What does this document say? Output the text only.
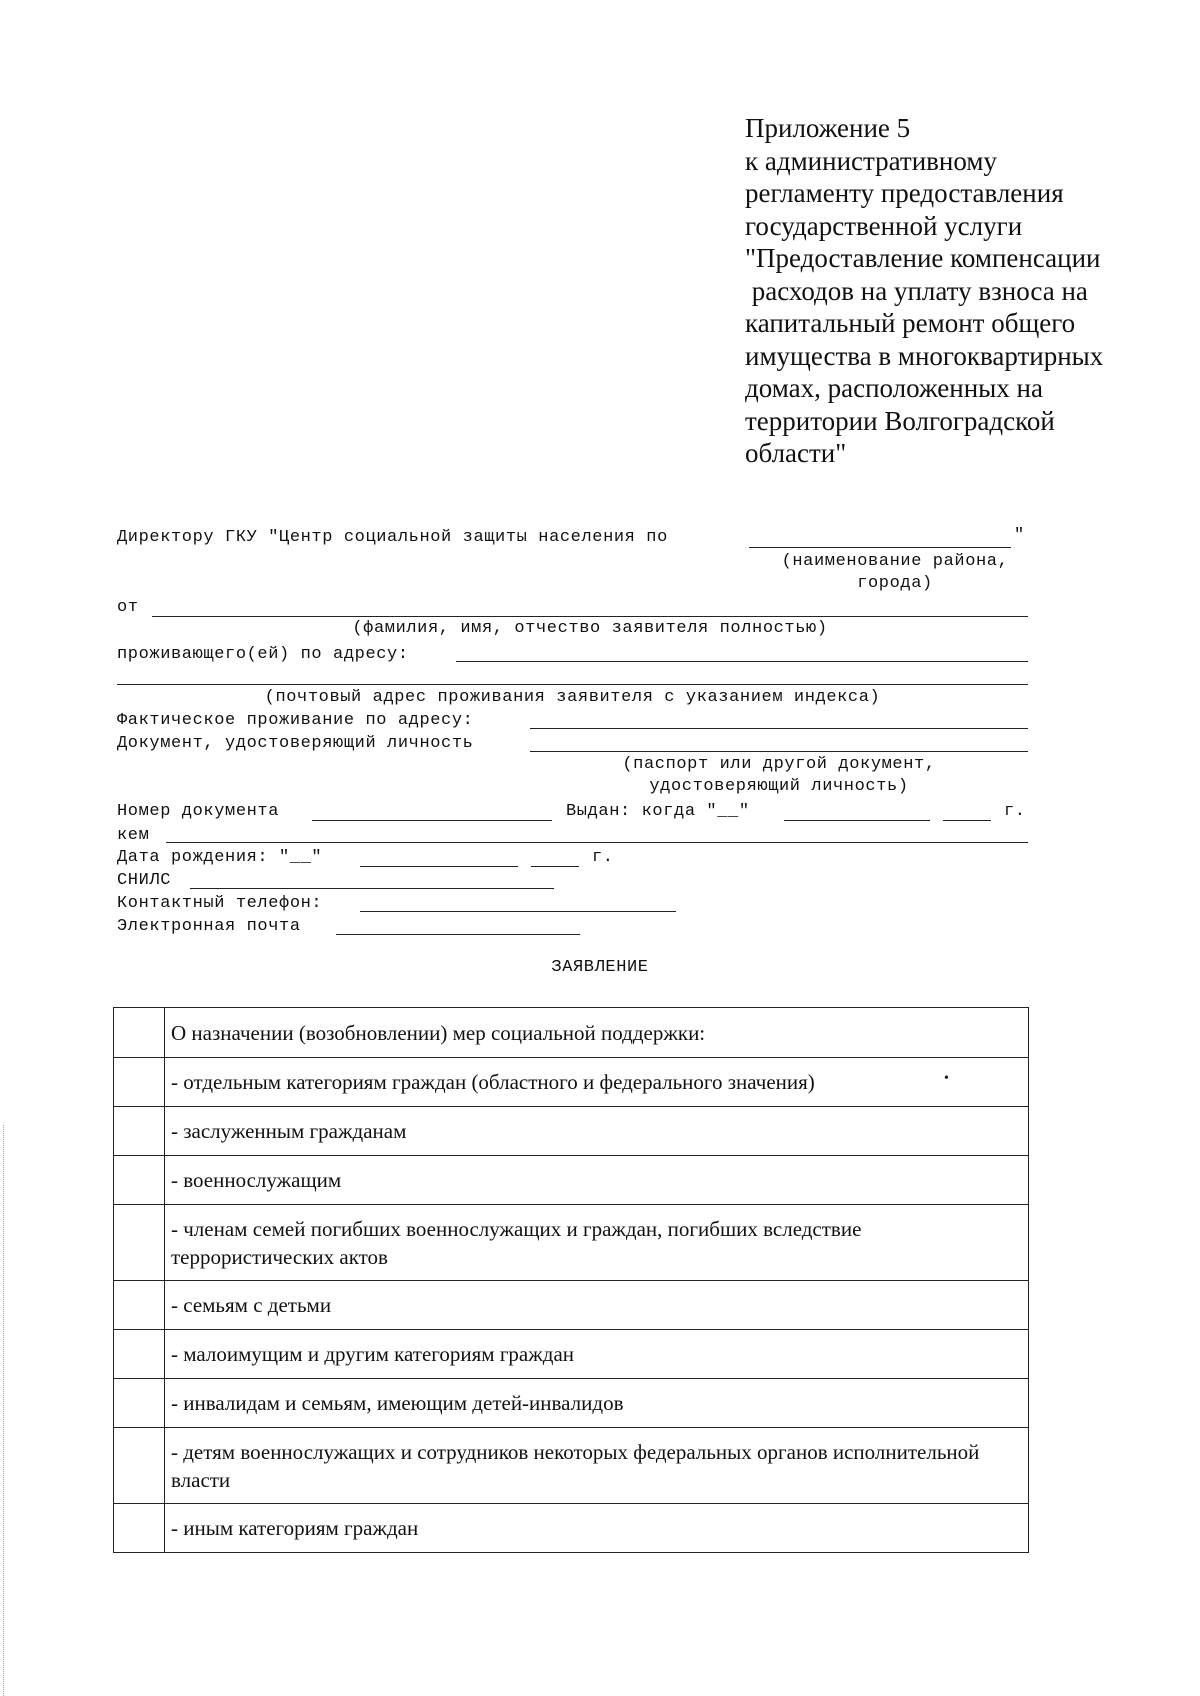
Приложение 5
к административному
регламенту предоставления
государственной услуги
"Предоставление компенсации
расходов на уплату взноса на
капитальный ремонт общего
имущества в многоквартирных
домах, расположенных на
территории Волгоградской
области"
Директору ГКУ "Центр социальной защиты населения по	"
(наименование района,
города)
от
(фамилия, имя, отчество заявителя полностью)
проживающего(ей) по адресу:
(почтовый адрес проживания заявителя с указанием индекса)
Фактическое проживание по адресу:
Документ, удостоверяющий личность
(паспорт или другой документ,
удостоверяющий личность)
Номер документа	Выдан: когда "__"	г.
кем
Дата рождения: "__"	г.
СНИЛС
Контактный телефон:
Электронная почта
ЗАЯВЛЕНИЕ
	О назначении (возобновлении) мер социальной поддержки:
	- отдельным категориям граждан (областного и федерального значения)
	- заслуженным гражданам
	- военнослужащим
	- членам семей погибших военнослужащих и граждан, погибших вследствие террористических актов
	- семьям с детьми
	- малоимущим и другим категориям граждан
	- инвалидам и семьям, имеющим детей-инвалидов
	- детям военнослужащих и сотрудников некоторых федеральных органов исполнительной власти
	- иным категориям граждан
•
